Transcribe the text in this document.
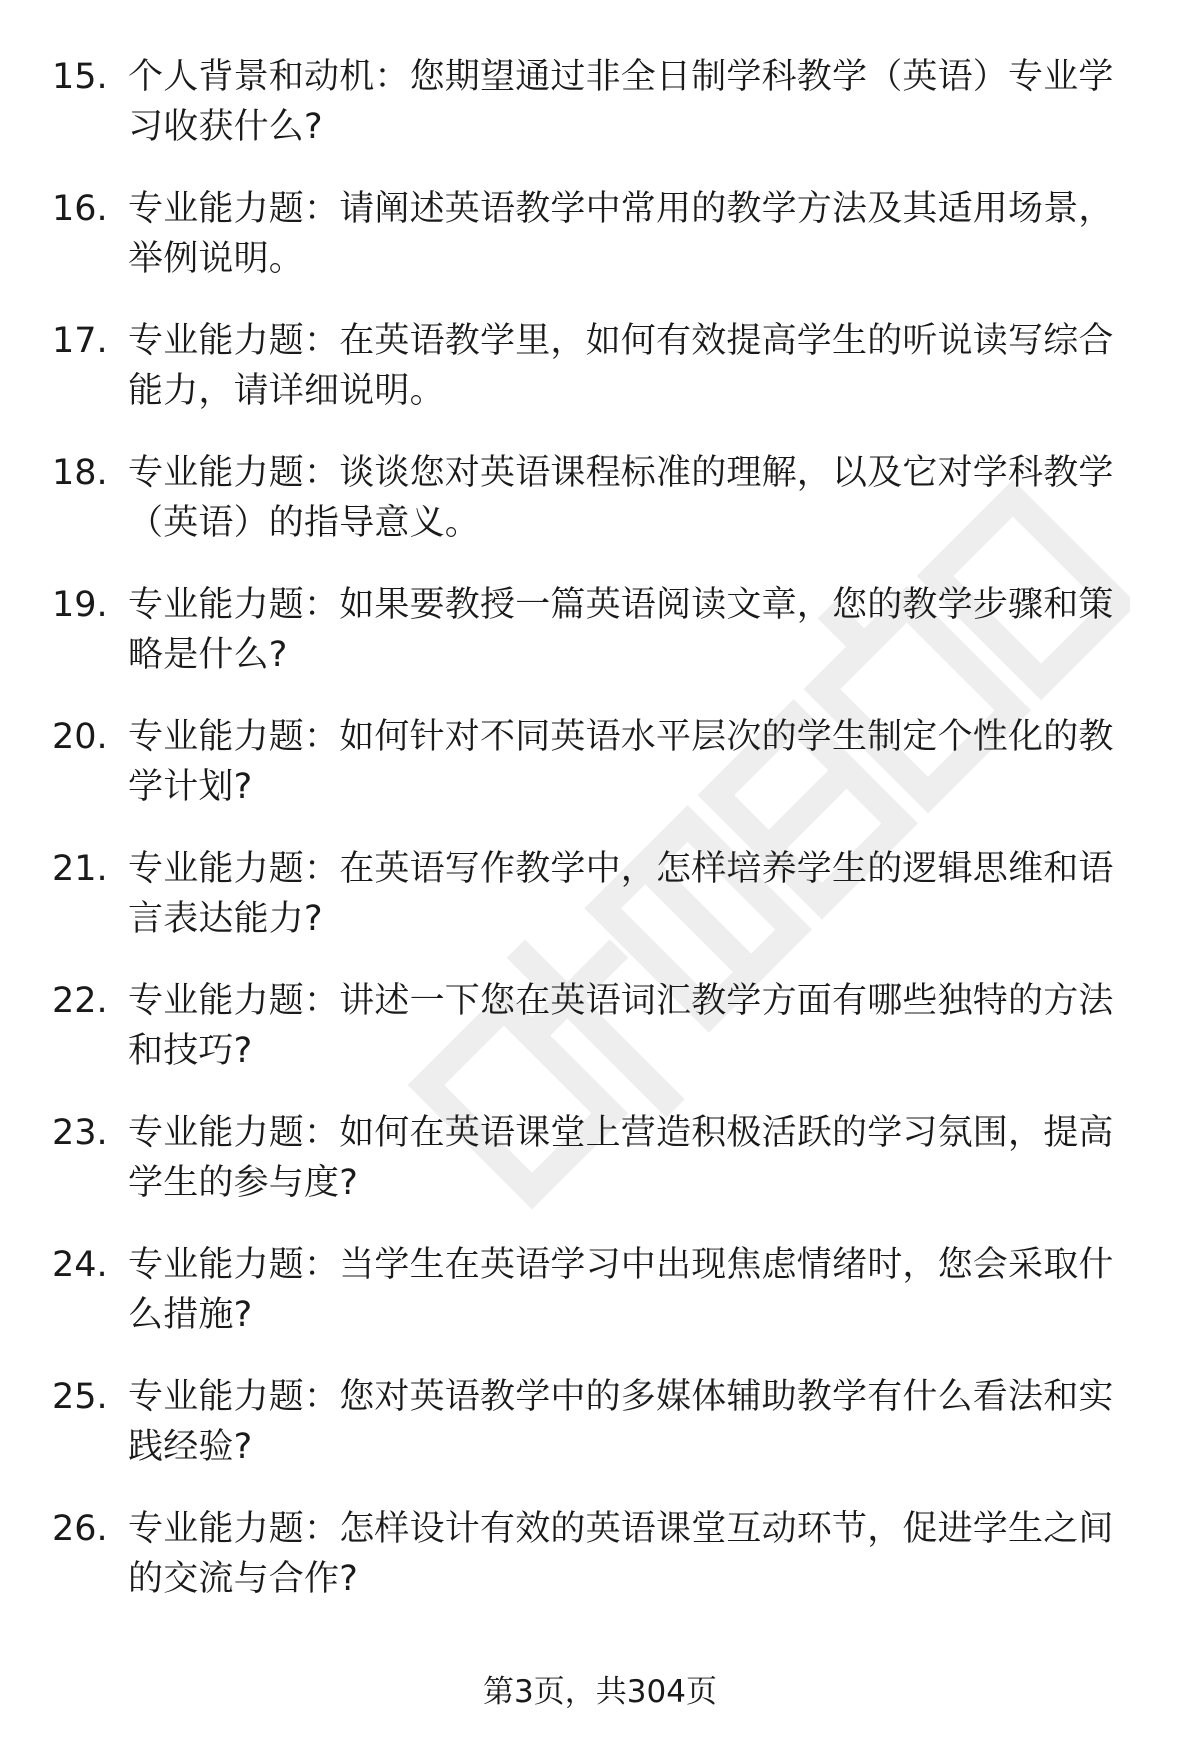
15. 个人背景和动机：您期望通过非全日制学科教学（英语）专业学习收获什么?
16. 专业能力题：请阐述英语教学中常用的教学方法及其适用场景，举例说明。
17. 专业能力题：在英语教学里，如何有效提高学生的听说读写综合能力，请详细说明。
18. 专业能力题：谈谈您对英语课程标准的理解，以及它对学科教学（英语）的指导意义。
19. 专业能力题：如果要教授一篇英语阅读文章，您的教学步骤和策略是什么?
20. 专业能力题：如何针对不同英语水平层次的学生制定个性化的教学计划?
21. 专业能力题：在英语写作教学中，怎样培养学生的逻辑思维和语言表达能力?
22. 专业能力题：讲述一下您在英语词汇教学方面有哪些独特的方法和技巧?
23. 专业能力题：如何在英语课堂上营造积极活跃的学习氛围，提高学生的参与度?
24. 专业能力题：当学生在英语学习中出现焦虑情绪时，您会采取什么措施?
25. 专业能力题：您对英语教学中的多媒体辅助教学有什么看法和实践经验?
26. 专业能力题：怎样设计有效的英语课堂互动环节，促进学生之间的交流与合作?
第3页，共304页
